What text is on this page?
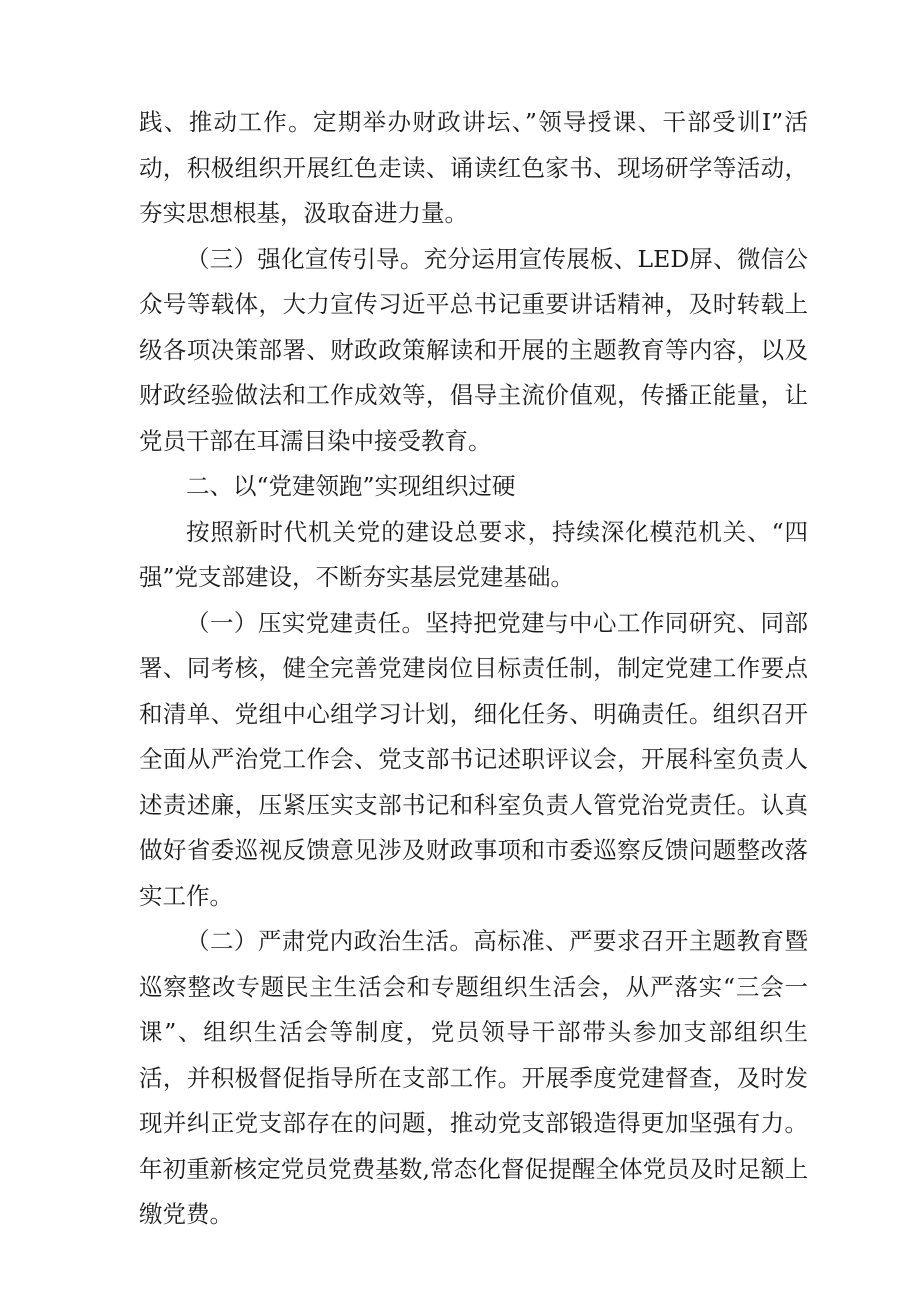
践、推动工作。定期举办财政讲坛、”领导授课、干部受训I”活动，积极组织开展红色走读、诵读红色家书、现场研学等活动，夯实思想根基，汲取奋进力量。

（三）强化宣传引导。充分运用宣传展板、LED屏、微信公众号等载体，大力宣传习近平总书记重要讲话精神，及时转载上级各项决策部署、财政政策解读和开展的主题教育等内容，以及财政经验做法和工作成效等，倡导主流价值观，传播正能量，让党员干部在耳濡目染中接受教育。

二、以“党建领跑”实现组织过硬

按照新时代机关党的建设总要求，持续深化模范机关、“四强”党支部建设，不断夯实基层党建基础。

（一）压实党建责任。坚持把党建与中心工作同研究、同部署、同考核，健全完善党建岗位目标责任制，制定党建工作要点和清单、党组中心组学习计划，细化任务、明确责任。组织召开全面从严治党工作会、党支部书记述职评议会，开展科室负责人述责述廉，压紧压实支部书记和科室负责人管党治党责任。认真做好省委巡视反馈意见涉及财政事项和市委巡察反馈问题整改落实工作。

（二）严肃党内政治生活。高标准、严要求召开主题教育暨巡察整改专题民主生活会和专题组织生活会，从严落实“三会一课”、组织生活会等制度，党员领导干部带头参加支部组织生活，并积极督促指导所在支部工作。开展季度党建督查，及时发现并纠正党支部存在的问题，推动党支部锻造得更加坚强有力。年初重新核定党员党费基数,常态化督促提醒全体党员及时足额上缴党费。
